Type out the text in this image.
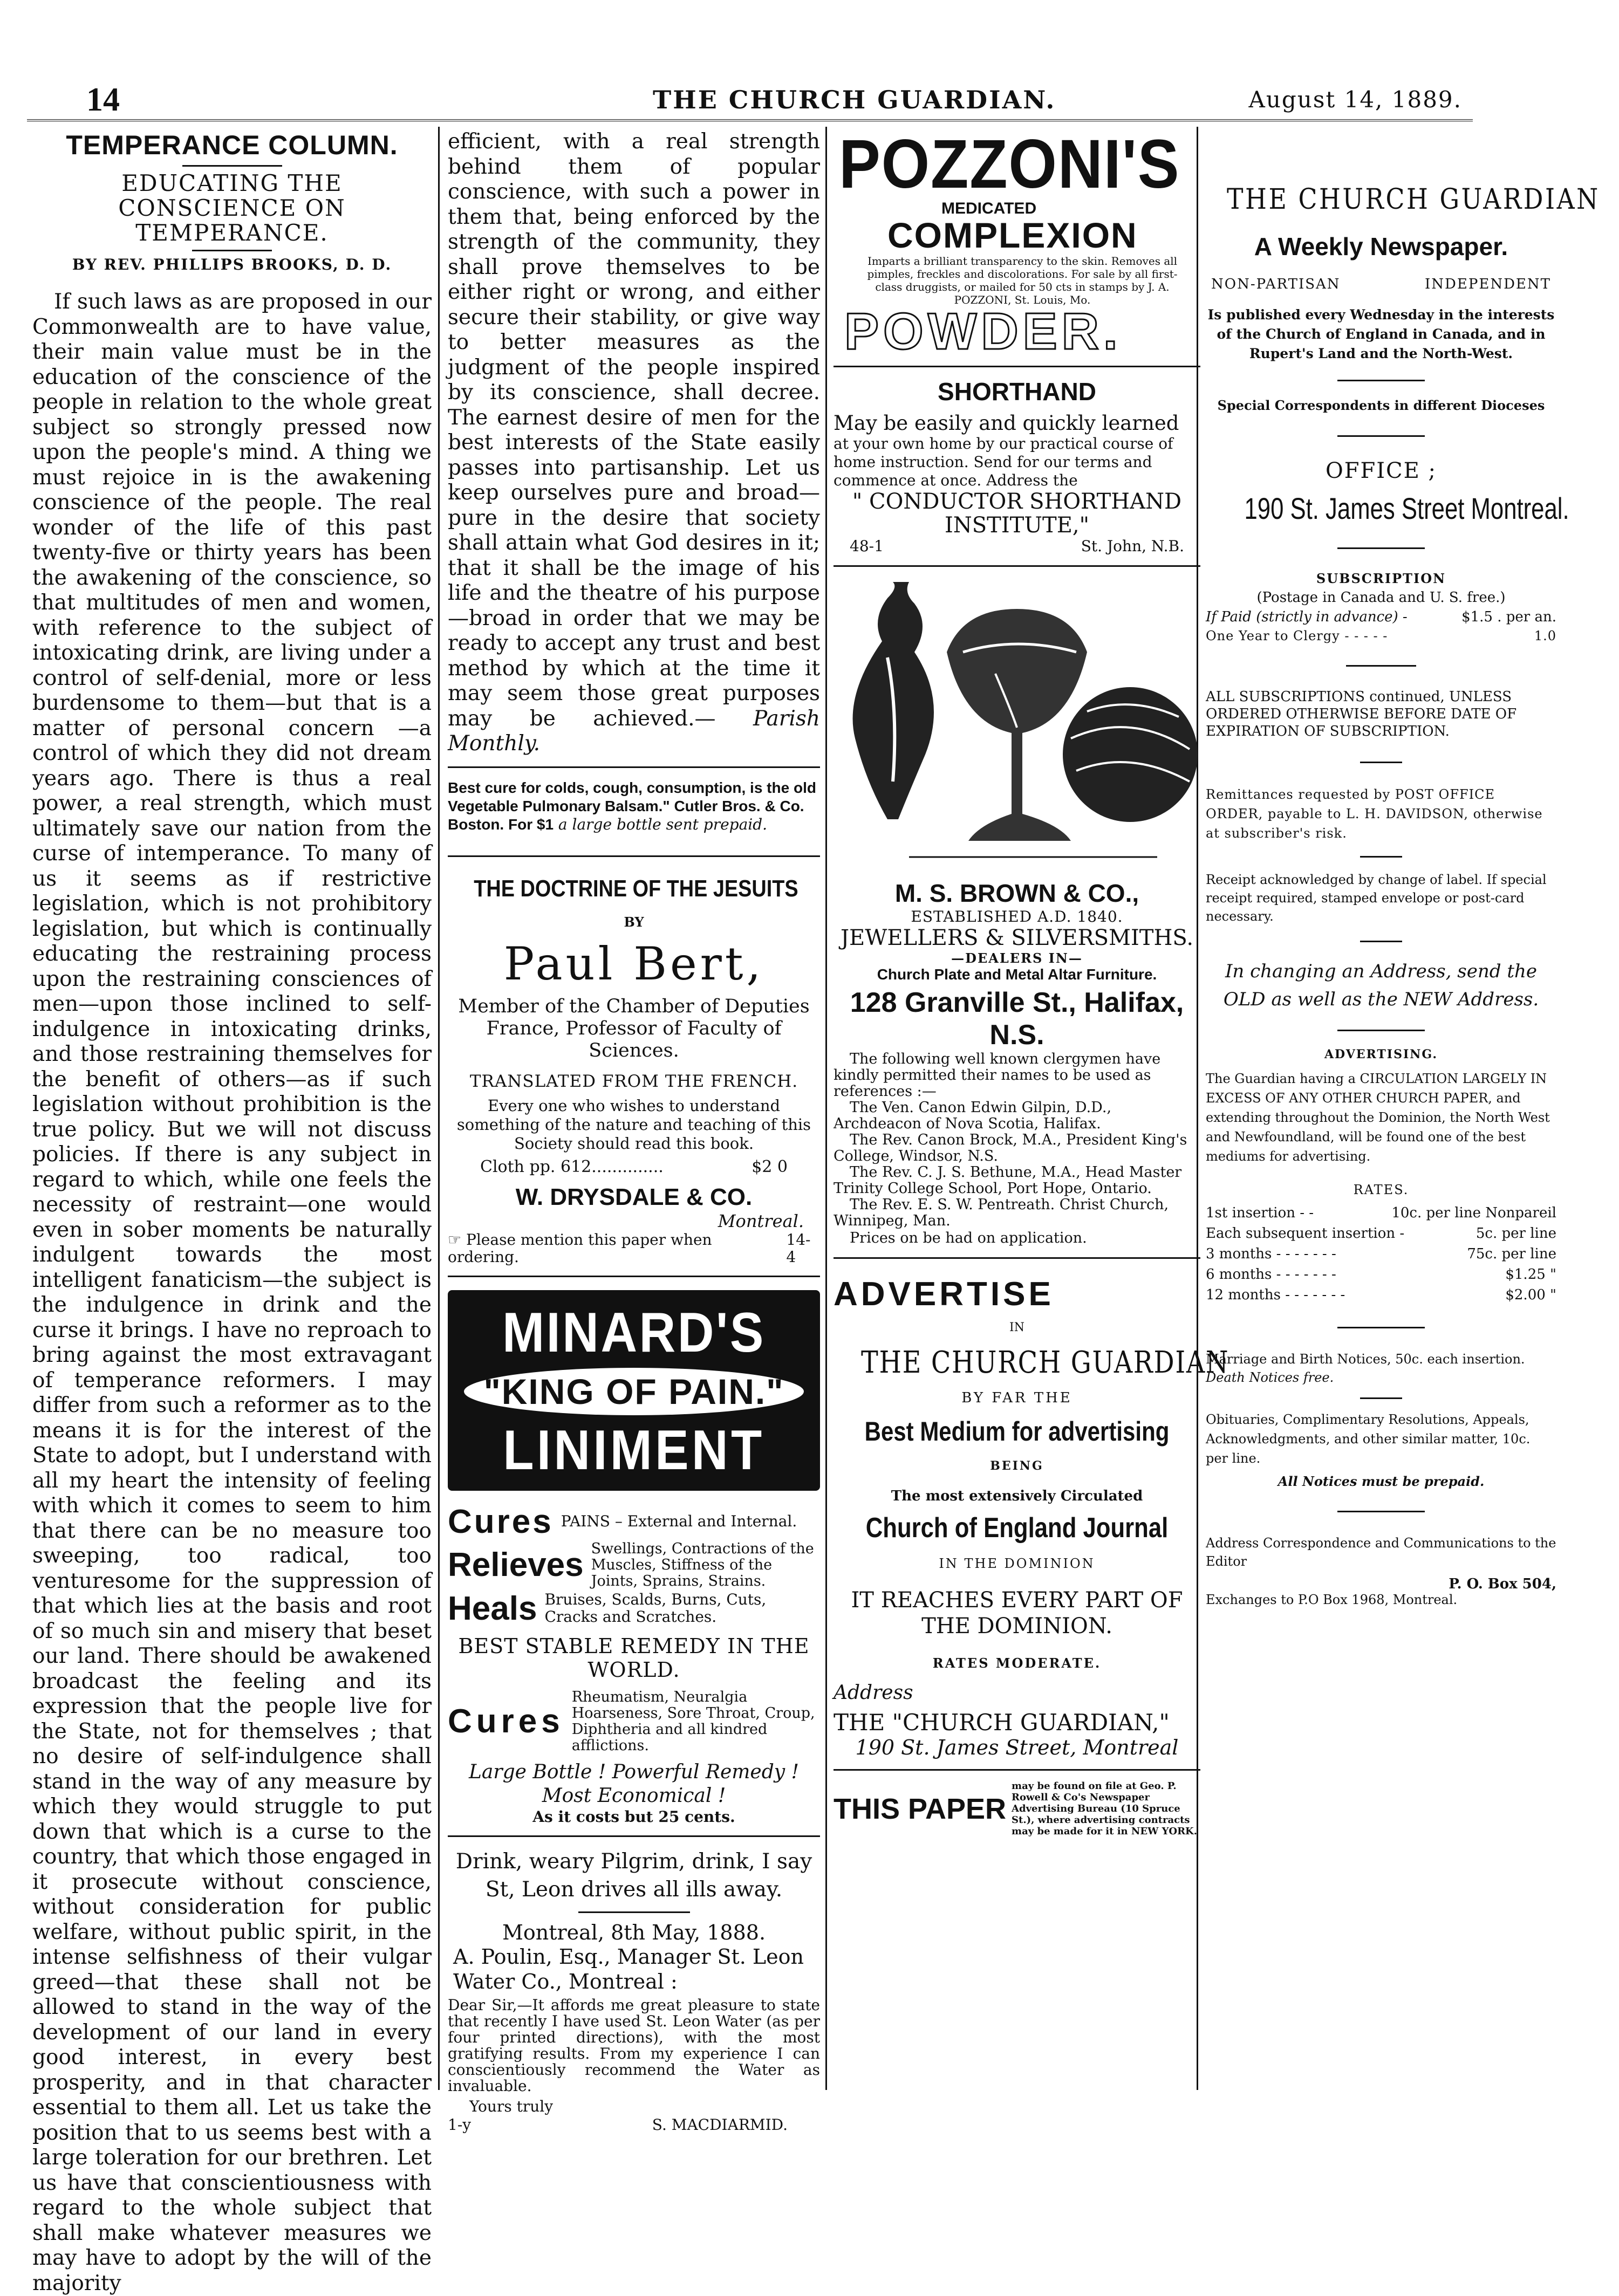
14	THE CHURCH GUARDIAN.	August 14, 1889.
TEMPERANCE COLUMN.
EDUCATING THE CONSCIENCE ON TEMPERANCE.
BY REV. PHILLIPS BROOKS, D. D.
If such laws as are proposed in our Commonwealth are to have value, their main value must be in the education of the conscience of the people in relation to the whole great subject so strongly pressed now upon the people's mind. A thing we must rejoice in is the awakening conscience of the people. The real wonder of the life of this past twenty-five or thirty years has been the awakening of the conscience, so that multitudes of men and women, with reference to the subject of intoxicating drink, are living under a control of self-denial, more or less burdensome to them—but that is a matter of personal concern —a control of which they did not dream years ago. There is thus a real power, a real strength, which must ultimately save our nation from the curse of intemperance. To many of us it seems as if restrictive legislation, which is not prohibitory legislation, but which is continually educating the restraining process upon the restraining consciences of men—upon those inclined to self-indulgence in intoxicating drinks, and those restraining themselves for the benefit of others—as if such legislation without prohibition is the true policy. But we will not discuss policies. If there is any subject in regard to which, while one feels the necessity of restraint—one would even in sober moments be naturally indulgent towards the most intelligent fanaticism—the subject is the indulgence in drink and the curse it brings. I have no reproach to bring against the most extravagant of temperance reformers. I may differ from such a reformer as to the means it is for the interest of the State to adopt, but I understand with all my heart the intensity of feeling with which it comes to seem to him that there can be no measure too sweeping, too radical, too venturesome for the suppression of that which lies at the basis and root of so much sin and misery that beset our land. There should be awakened broadcast the feeling and its expression that the people live for the State, not for themselves ; that no desire of self-indulgence shall stand in the way of any measure by which they would struggle to put down that which is a curse to the country, that which those engaged in it prosecute without conscience, without consideration for public welfare, without public spirit, in the intense selfishness of their vulgar greed—that these shall not be allowed to stand in the way of the development of our land in every good interest, in every best prosperity, and in that character essential to them all. Let us take the position that to us seems best with a large toleration for our brethren. Let us have that conscientiousness with regard to the whole subject that shall make whatever measures we may have to adopt by the will of the majority
efficient, with a real strength behind them of popular conscience, with such a power in them that, being enforced by the strength of the community, they shall prove themselves to be either right or wrong, and either secure their stability, or give way to better measures as the judgment of the people inspired by its conscience, shall decree. The earnest desire of men for the best interests of the State easily passes into partisanship. Let us keep ourselves pure and broad—pure in the desire that society shall attain what God desires in it; that it shall be the image of his life and the theatre of his purpose—broad in order that we may be ready to accept any trust and best method by which at the time it may seem those great purposes may be achieved.— Parish Monthly.
Best cure for colds, cough, consumption, is the old Vegetable Pulmonary Balsam." Cutler Bros. & Co. Boston. For $1 a large bottle sent prepaid.
THE DOCTRINE OF THE JESUITS
BY
Paul Bert,
Member of the Chamber of Deputies France, Professor of Faculty of Sciences.
TRANSLATED FROM THE FRENCH.
Every one who wishes to understand something of the nature and teaching of this Society should read this book.
Cloth pp. 612..............	$2 0
W. DRYSDALE & CO.
Montreal.
☞ Please mention this paper when ordering.
14-4
MINARD'S
"KING OF PAIN."
LINIMENT
Cures PAINS – External and Internal.
Relieves Swellings, Contractions of the Muscles, Stiffness of the Joints, Sprains, Strains.
Heals Bruises, Scalds, Burns, Cuts, Cracks and Scratches.
BEST STABLE REMEDY IN THE WORLD.
Cures
Rheumatism, Neuralgia Hoarseness, Sore Throat, Croup, Diphtheria and all kindred afflictions.
Large Bottle ! Powerful Remedy ! Most Economical !
As it costs but 25 cents.
Drink, weary Pilgrim, drink, I say St, Leon drives all ills away.
Montreal, 8th May, 1888.
A. Poulin, Esq., Manager St. Leon Water Co., Montreal :
Dear Sir,—It affords me great pleasure to state that recently I have used St. Leon Water (as per four printed directions), with the most gratifying results. From my experience I can conscientiously recommend the Water as invaluable.
Yours truly
1-y	S. MACDIARMID.
POZZONI'S
MEDICATED
COMPLEXION
Imparts a brilliant transparency to the skin. Removes all pimples, freckles and discolorations. For sale by all first-class druggists, or mailed for 50 cts in stamps by J. A. POZZONI, St. Louis, Mo.
POWDER.
SHORTHAND
May be easily and quickly learned
at your own home by our practical course of home instruction. Send for our terms and commence at once. Address the
" CONDUCTOR SHORTHAND INSTITUTE,"
48-1	St. John, N.B.
M. S. BROWN & CO.,
ESTABLISHED A.D. 1840.
JEWELLERS & SILVERSMITHS.
—DEALERS IN—
Church Plate and Metal Altar Furniture.
128 Granville St., Halifax, N.S.
The following well known clergymen have kindly permitted their names to be used as references :—
The Ven. Canon Edwin Gilpin, D.D., Archdeacon of Nova Scotia, Halifax.
The Rev. Canon Brock, M.A., President King's College, Windsor, N.S.
The Rev. C. J. S. Bethune, M.A., Head Master Trinity College School, Port Hope, Ontario.
The Rev. E. S. W. Pentreath. Christ Church, Winnipeg, Man.
Prices on be had on application.
ADVERTISE
IN
THE CHURCH GUARDIAN
BY FAR THE
Best Medium for advertising
BEING
The most extensively Circulated
Church of England Journal
IN THE DOMINION
IT REACHES EVERY PART OF THE DOMINION.
RATES MODERATE.
Address
THE "CHURCH GUARDIAN,"
190 St. James Street, Montreal
THIS PAPER
may be found on file at Geo. P. Rowell & Co's Newspaper Advertising Bureau (10 Spruce St.), where advertising contracts may be made for it in NEW YORK.
THE CHURCH GUARDIAN
A Weekly Newspaper.
NON-PARTISAN	INDEPENDENT
Is published every Wednesday in the interests of the Church of England in Canada, and in Rupert's Land and the North-West.
Special Correspondents in different Dioceses
OFFICE ;
190 St. James Street Montreal.
SUBSCRIPTION
(Postage in Canada and U. S. free.)
If Paid (strictly in advance) -	$1.5 . per an.
One Year to Clergy - - - - -	1.0
ALL SUBSCRIPTIONS continued, UNLESS ORDERED OTHERWISE BEFORE DATE OF EXPIRATION OF SUBSCRIPTION.
Remittances requested by POST OFFICE ORDER, payable to L. H. DAVIDSON, otherwise at subscriber's risk.
Receipt acknowledged by change of label. If special receipt required, stamped envelope or post-card necessary.
In changing an Address, send the OLD as well as the NEW Address.
ADVERTISING.
The Guardian having a CIRCULATION LARGELY IN EXCESS OF ANY OTHER CHURCH PAPER, and extending throughout the Dominion, the North West and Newfoundland, will be found one of the best mediums for advertising.
RATES.
1st insertion - -	10c. per line Nonpareil
Each subsequent insertion -	5c. per line
3 months - - - - - - -	75c. per line
6 months - - - - - - -	$1.25 "
12 months - - - - - - -	$2.00 "
Marriage and Birth Notices, 50c. each insertion. Death Notices free.
Obituaries, Complimentary Resolutions, Appeals, Acknowledgments, and other similar matter, 10c. per line.
All Notices must be prepaid.
Address Correspondence and Communications to the Editor
P. O. Box 504,
Exchanges to P.O Box 1968, Montreal.
